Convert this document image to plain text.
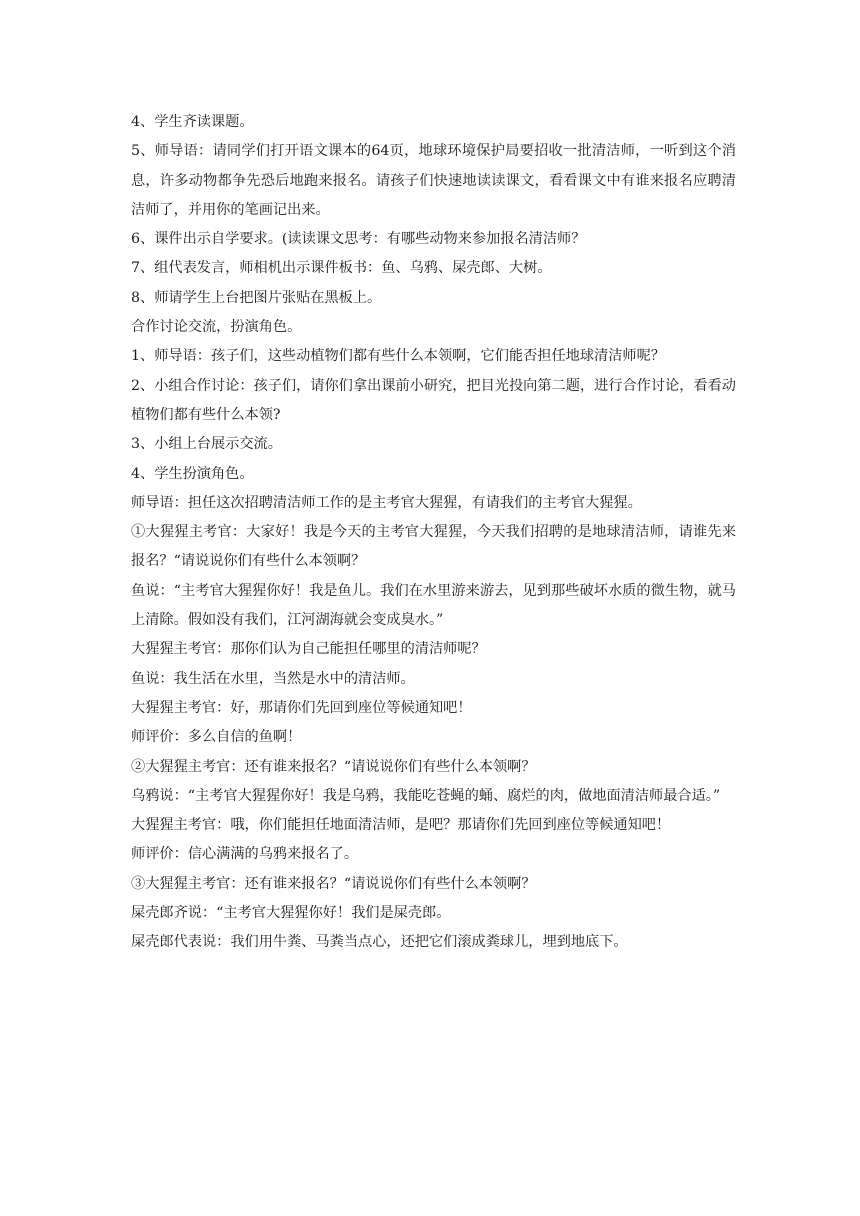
4、学生齐读课题。

5、师导语：请同学们打开语文课本的64页，地球环境保护局要招收一批清洁师，一听到这个消息，许多动物都争先恐后地跑来报名。请孩子们快速地读读课文，看看课文中有谁来报名应聘清洁师了，并用你的笔画记出来。

6、课件出示自学要求。(读读课文思考：有哪些动物来参加报名清洁师？

7、组代表发言，师相机出示课件板书：鱼、乌鸦、屎壳郎、大树。

8、师请学生上台把图片张贴在黑板上。

合作讨论交流，扮演角色。

1、师导语：孩子们，这些动植物们都有些什么本领啊，它们能否担任地球清洁师呢？

2、小组合作讨论：孩子们，请你们拿出课前小研究，把目光投向第二题，进行合作讨论，看看动植物们都有些什么本领?

3、小组上台展示交流。

4、学生扮演角色。

师导语：担任这次招聘清洁师工作的是主考官大猩猩，有请我们的主考官大猩猩。

①大猩猩主考官：大家好！我是今天的主考官大猩猩，今天我们招聘的是地球清洁师，请谁先来报名？“请说说你们有些什么本领啊？

鱼说：“主考官大猩猩你好！我是鱼儿。我们在水里游来游去，见到那些破坏水质的微生物，就马上清除。假如没有我们，江河湖海就会变成臭水。”

大猩猩主考官：那你们认为自己能担任哪里的清洁师呢？

鱼说：我生活在水里，当然是水中的清洁师。

大猩猩主考官：好，那请你们先回到座位等候通知吧！

师评价：多么自信的鱼啊！

②大猩猩主考官：还有谁来报名？“请说说你们有些什么本领啊？

乌鸦说：“主考官大猩猩你好！我是乌鸦，我能吃苍蝇的蛹、腐烂的肉，做地面清洁师最合适。”

大猩猩主考官：哦，你们能担任地面清洁师，是吧？那请你们先回到座位等候通知吧！

师评价：信心满满的乌鸦来报名了。

③大猩猩主考官：还有谁来报名？“请说说你们有些什么本领啊？

屎壳郎齐说：“主考官大猩猩你好！我们是屎壳郎。

屎壳郎代表说：我们用牛粪、马粪当点心，还把它们滚成粪球儿，埋到地底下。
